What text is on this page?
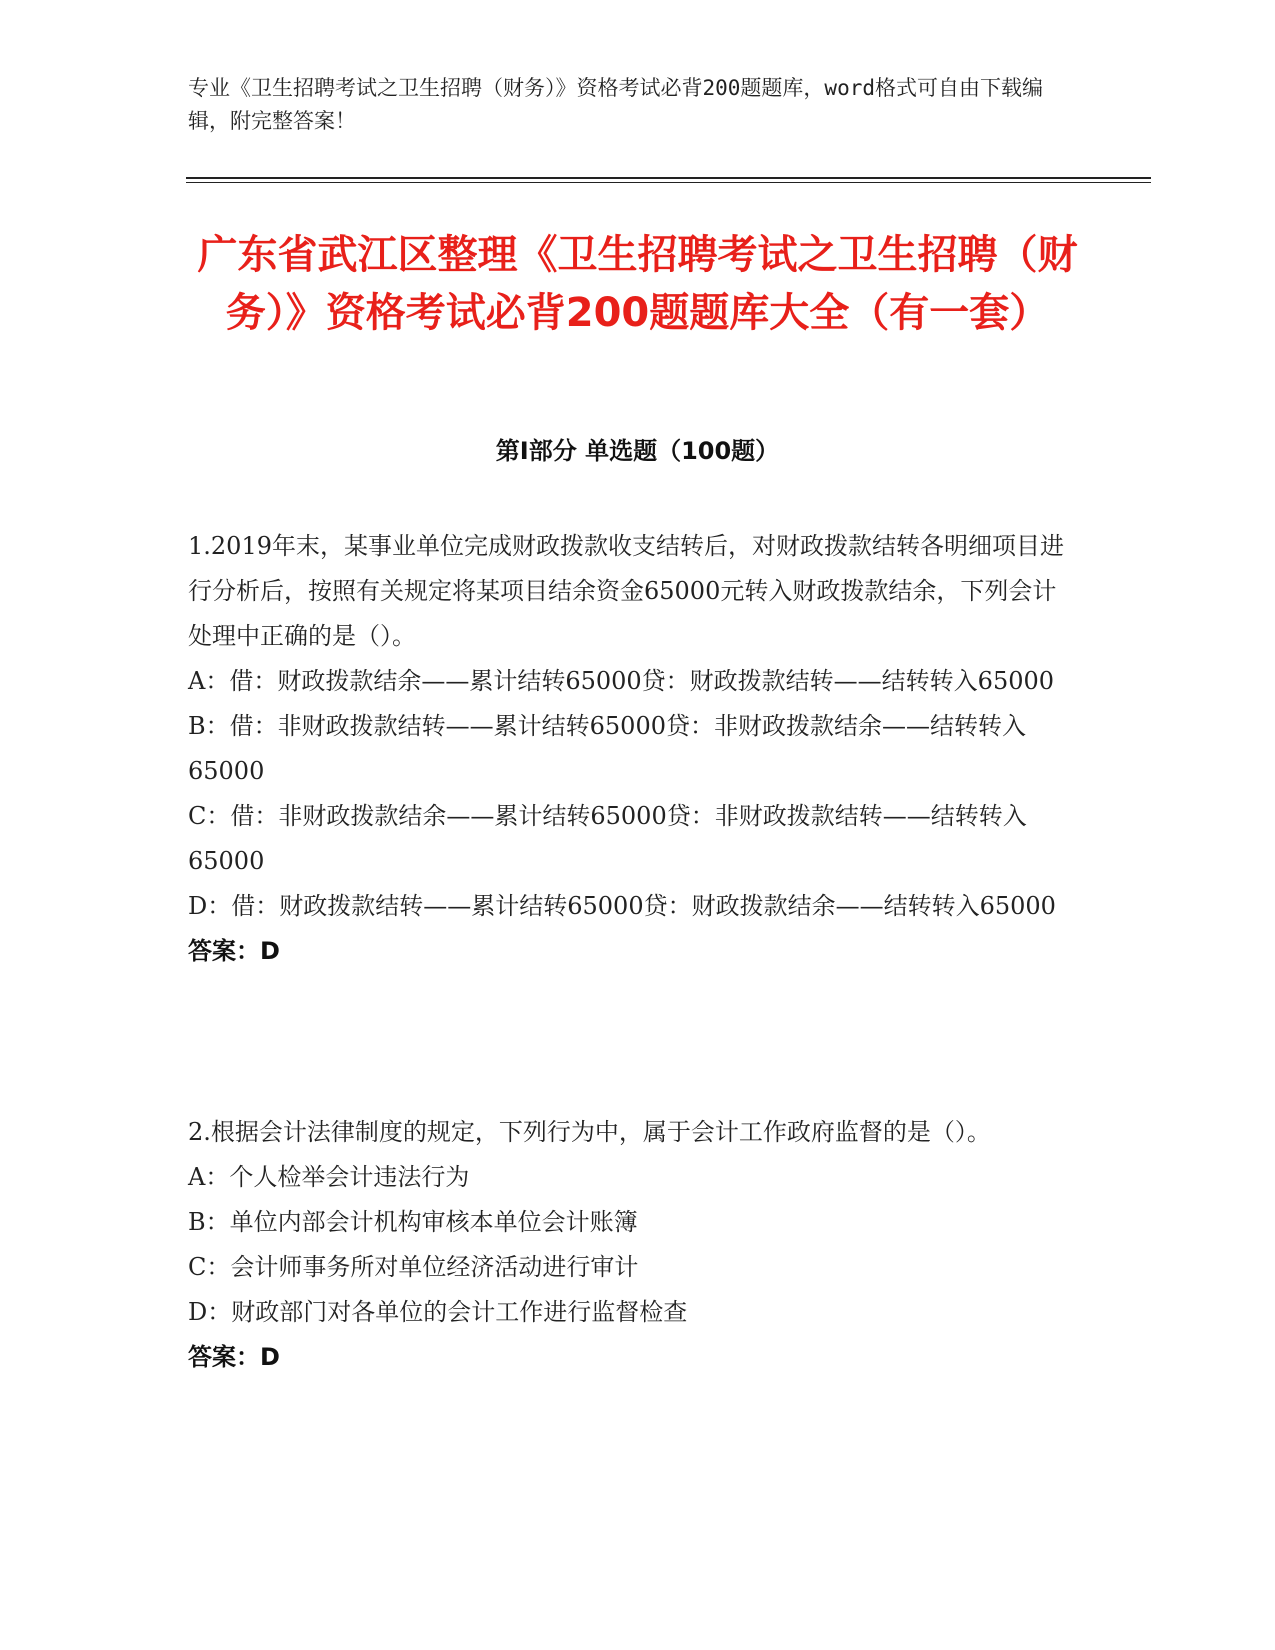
专业《卫生招聘考试之卫生招聘（财务）》资格考试必背200题题库，word格式可自由下载编辑，附完整答案！
广东省武江区整理《卫生招聘考试之卫生招聘（财务）》资格考试必背200题题库大全（有一套）
第Ⅰ部分 单选题（100题）

1.2019年末，某事业单位完成财政拨款收支结转后，对财政拨款结转各明细项目进行分析后，按照有关规定将某项目结余资金65000元转入财政拨款结余，下列会计处理中正确的是（）。

A：借：财政拨款结余——累计结转65000贷：财政拨款结转——结转转入65000

B：借：非财政拨款结转——累计结转65000贷：非财政拨款结余——结转转入65000

C：借：非财政拨款结余——累计结转65000贷：非财政拨款结转——结转转入65000

D：借：财政拨款结转——累计结转65000贷：财政拨款结余——结转转入65000

答案：D

2.根据会计法律制度的规定，下列行为中，属于会计工作政府监督的是（）。

A：个人检举会计违法行为

B：单位内部会计机构审核本单位会计账簿

C：会计师事务所对单位经济活动进行审计

D：财政部门对各单位的会计工作进行监督检查

答案：D
